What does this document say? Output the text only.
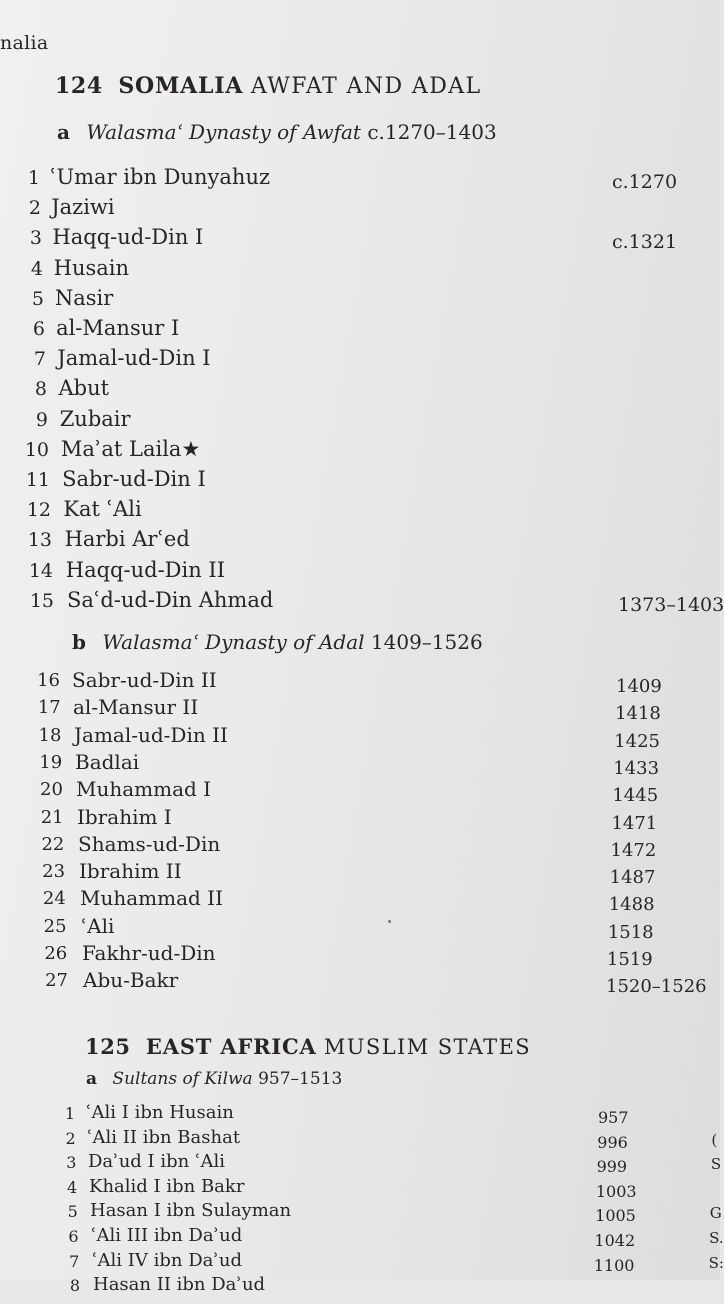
nalia
124 SOMALIA AWFAT AND ADAL
a Walasmaʿ Dynasty of Awfat c.1270–1403
1 ʿUmar ibn Dunyahuz	c.1270
2 Jaziwi
3 Haqq-ud-Din I	c.1321
4 Husain
5 Nasir
6 al-Mansur I
7 Jamal-ud-Din I
8 Abut
9 Zubair
10 Maʾat Laila★
11 Sabr-ud-Din I
12 Kat ʿAli
13 Harbi Arʿed
14 Haqq-ud-Din II
15 Saʿd-ud-Din Ahmad	1373–1403
b Walasmaʿ Dynasty of Adal 1409–1526
16 Sabr-ud-Din II	1409
17 al-Mansur II	1418
18 Jamal-ud-Din II	1425
19 Badlai	1433
20 Muhammad I	1445
21 Ibrahim I	1471
22 Shams-ud-Din	1472
23 Ibrahim II	1487
24 Muhammad II	1488
25 ʿAli	1518
26 Fakhr-ud-Din	1519
27 Abu-Bakr	1520–1526
125 EAST AFRICA MUSLIM STATES
a Sultans of Kilwa 957–1513
1 ʿAli I ibn Husain	957
2 ʿAli II ibn Bashat	996	(
3 Daʾud I ibn ʿAli	999	S
4 Khalid I ibn Bakr	1003
5 Hasan I ibn Sulayman	1005	G
6 ʿAli III ibn Daʾud	1042	S.
7 ʿAli IV ibn Daʾud	1100	S:
8 Hasan II ibn Daʾud
